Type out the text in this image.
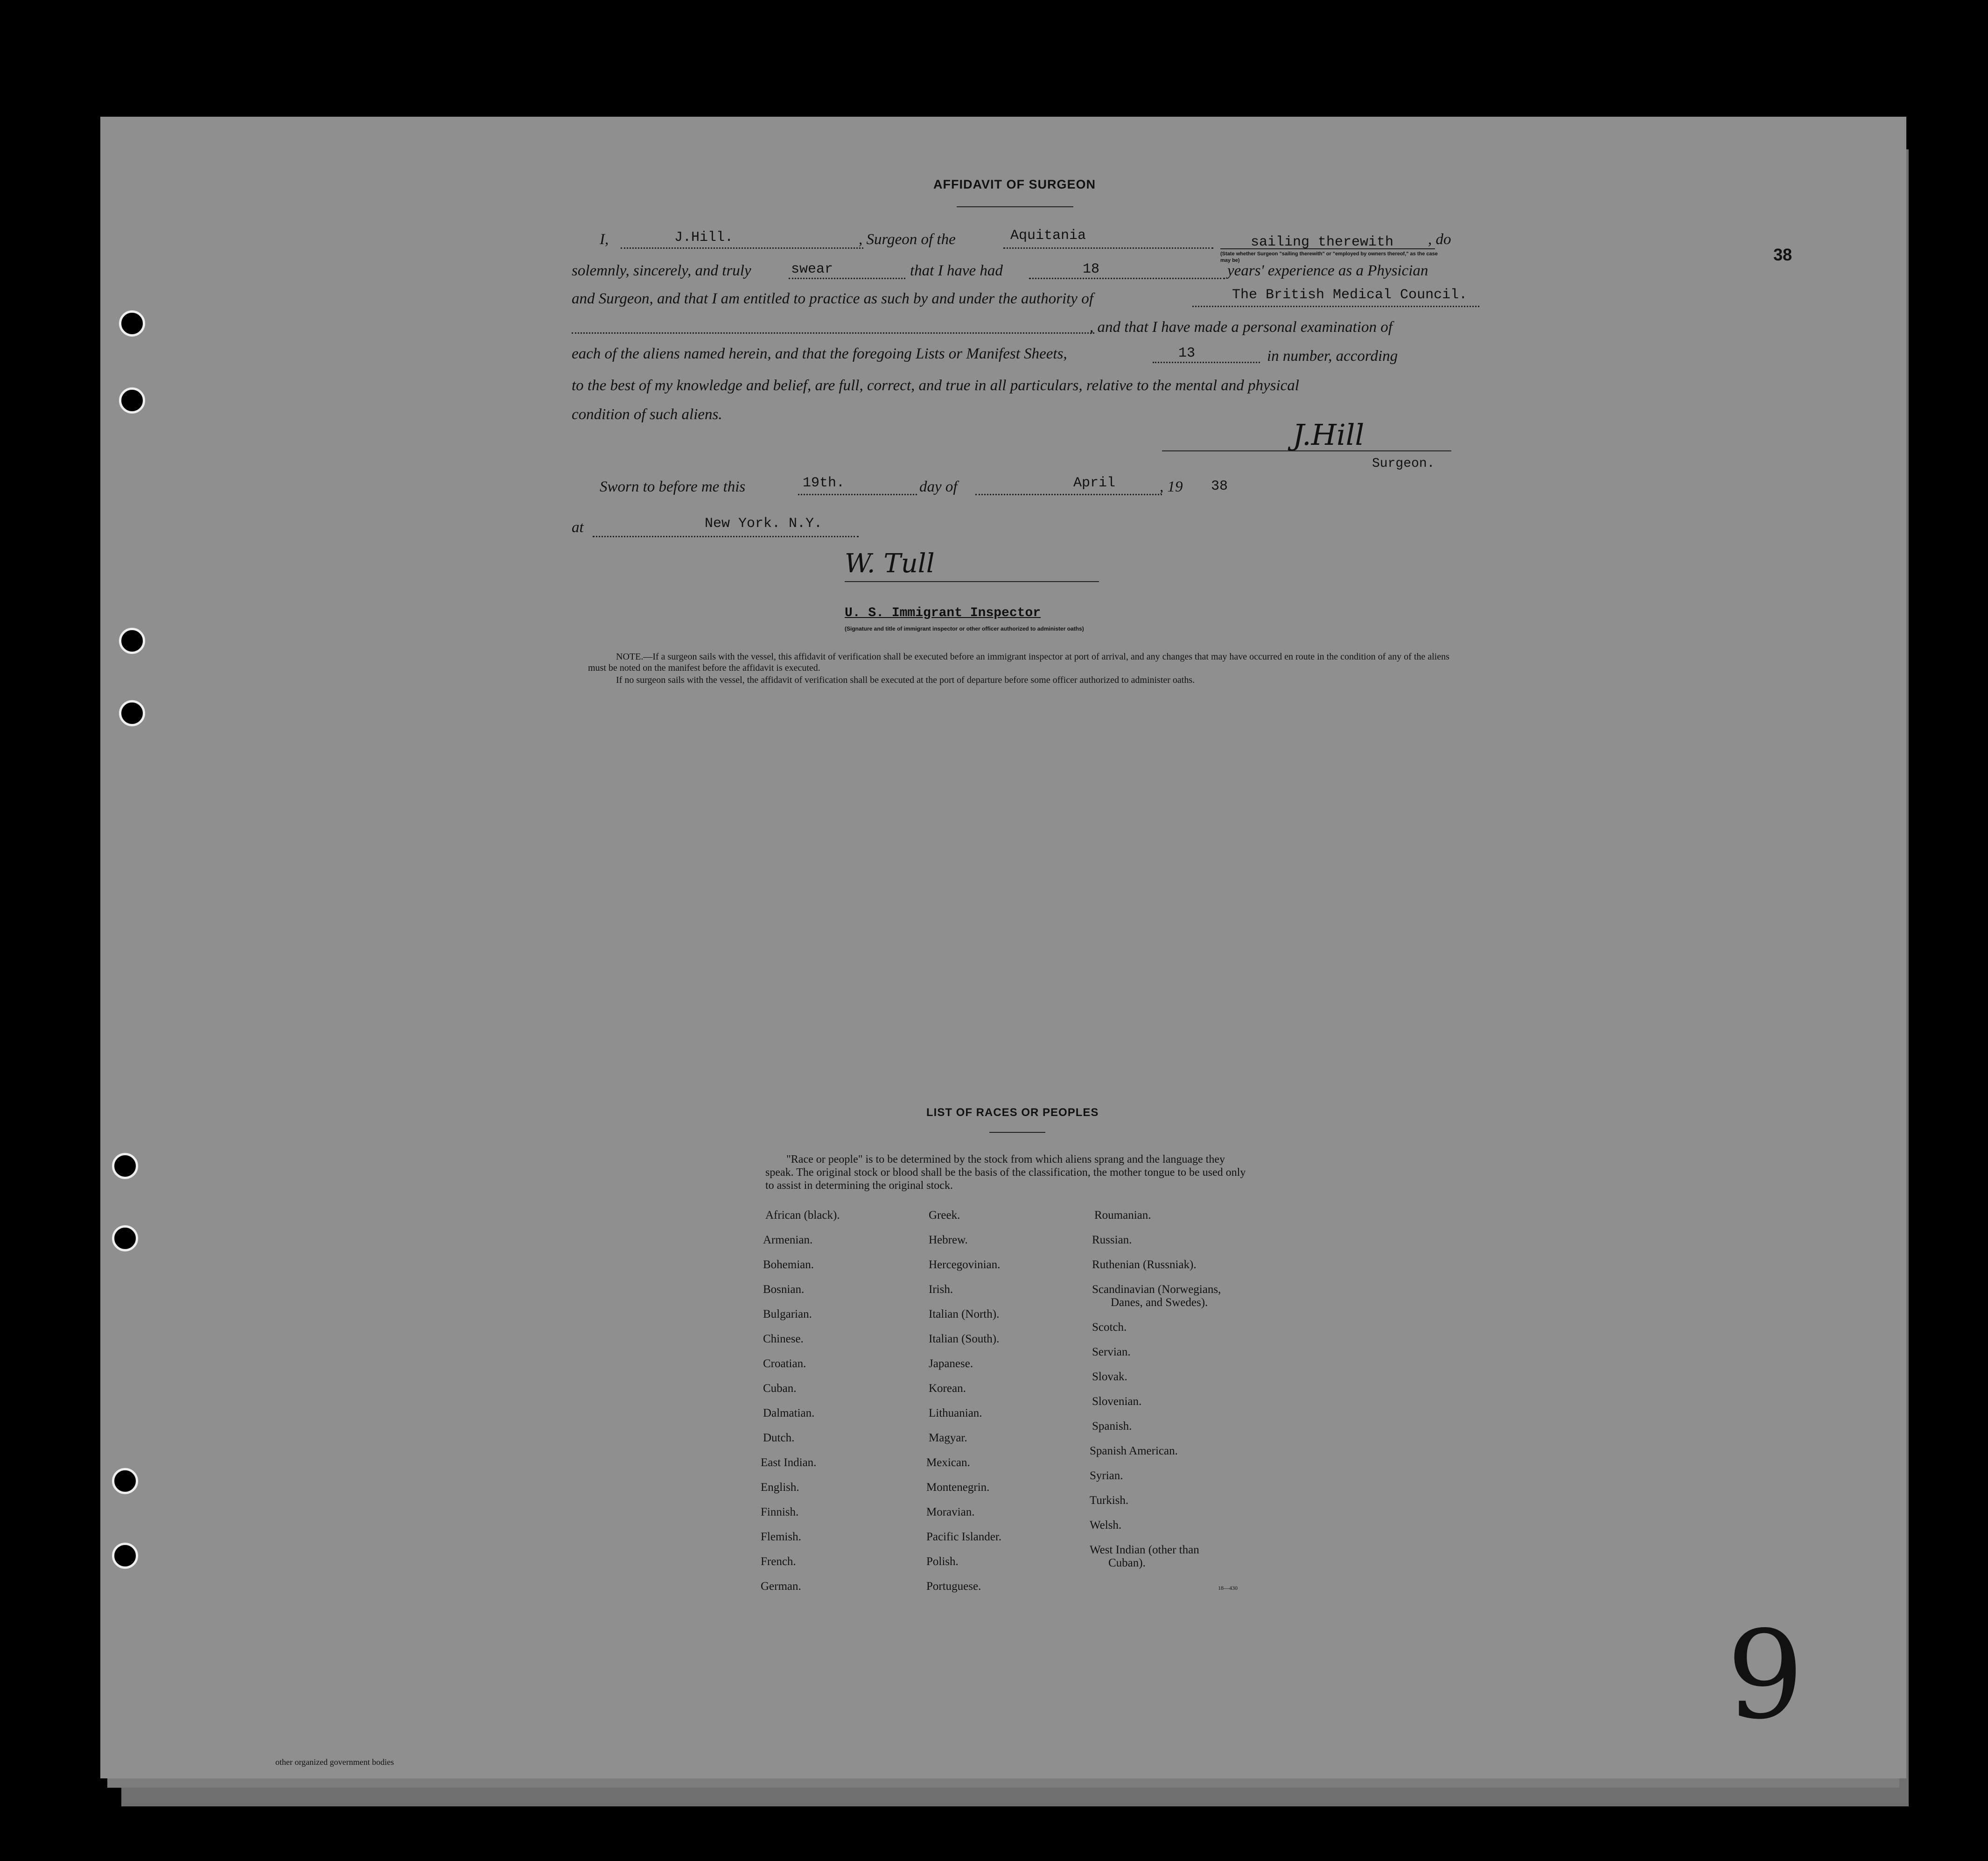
38
AFFIDAVIT OF SURGEON
I,	J.Hill.	, Surgeon of the	Aquitania	sailing therewith , do
(State whether Surgeon "sailing therewith" or "employed by owners thereof," as the case may be)
solemnly, sincerely, and truly	swear	that I have had	18	years' experience as a Physician
and Surgeon, and that I am entitled to practice as such by and under the authority of	The British Medical Council.
, and that I have made a personal examination of
each of the aliens named herein, and that the foregoing Lists or Manifest Sheets,	13	in number, according
to the best of my knowledge and belief, are full, correct, and true in all particulars, relative to the mental and physical
condition of such aliens.
J.Hill
Surgeon.
Sworn to before me this	19th.	day of	April	, 19 38
at	New York. N.Y.
W. Tull
U. S. Immigrant Inspector
(Signature and title of immigrant inspector or other officer authorized to administer oaths)
NOTE.—If a surgeon sails with the vessel, this affidavit of verification shall be executed before an immigrant inspector at port of arrival, and any changes that may have occurred en route in the condition of any of the aliens must be noted on the manifest before the affidavit is executed.
If no surgeon sails with the vessel, the affidavit of verification shall be executed at the port of departure before some officer authorized to administer oaths.
LIST OF RACES OR PEOPLES
"Race or people" is to be determined by the stock from which aliens sprang and the language they speak. The original stock or blood shall be the basis of the classification, the mother tongue to be used only to assist in determining the original stock.
African (black).
Armenian.
Bohemian.
Bosnian.
Bulgarian.
Chinese.
Croatian.
Cuban.
Dalmatian.
Dutch.
East Indian.
English.
Finnish.
Flemish.
French.
German.
Greek.
Hebrew.
Hercegovinian.
Irish.
Italian (North).
Italian (South).
Japanese.
Korean.
Lithuanian.
Magyar.
Mexican.
Montenegrin.
Moravian.
Pacific Islander.
Polish.
Portuguese.
Roumanian.
Russian.
Ruthenian (Russniak).
Scandinavian (Norwegians,
Danes, and Swedes).
Scotch.
Servian.
Slovak.
Slovenian.
Spanish.
Spanish American.
Syrian.
Turkish.
Welsh.
West Indian (other than
Cuban).
18—430
9
other organized government bodies
